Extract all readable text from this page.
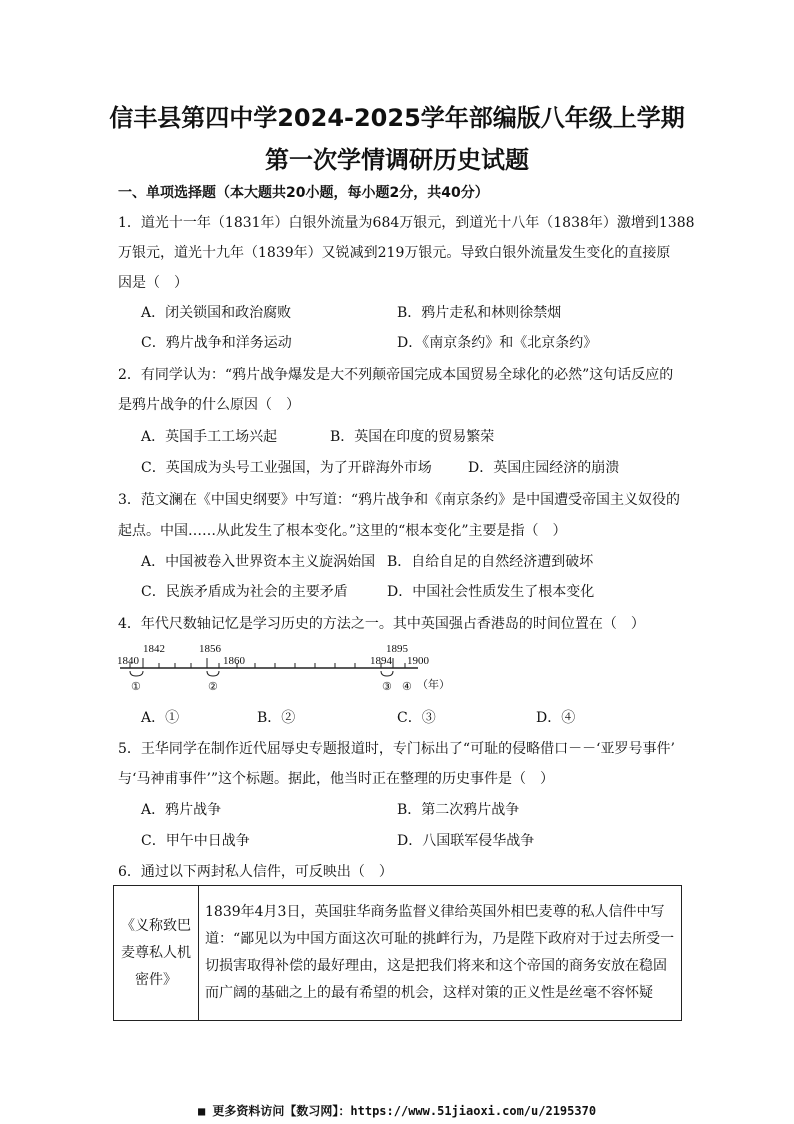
信丰县第四中学2024-2025学年部编版八年级上学期
第一次学情调研历史试题
一、单项选择题（本大题共20小题，每小题2分，共40分）
1．道光十一年（1831年）白银外流量为684万银元，到道光十八年（1838年）激增到1388
万银元，道光十九年（1839年）又锐减到219万银元。导致白银外流量发生变化的直接原
因是（　）
A．闭关锁国和政治腐败	B．鸦片走私和林则徐禁烟
C．鸦片战争和洋务运动	D．《南京条约》和《北京条约》
2．有同学认为：“鸦片战争爆发是大不列颠帝国完成本国贸易全球化的必然”这句话反应的
是鸦片战争的什么原因（　）
A．英国手工工场兴起	B．英国在印度的贸易繁荣
C．英国成为头号工业强国，为了开辟海外市场	D．英国庄园经济的崩溃
3．范文澜在《中国史纲要》中写道：“鸦片战争和《南京条约》是中国遭受帝国主义奴役的
起点。中国……从此发生了根本变化。”这里的“根本变化”主要是指（　）
A．中国被卷入世界资本主义旋涡始国 B．自给自足的自然经济遭到破坏
C．民族矛盾成为社会的主要矛盾	D．中国社会性质发生了根本变化
4．年代尺数轴记忆是学习历史的方法之一。其中英国强占香港岛的时间位置在（　）
1840
1842	1856
1860	1894
1895
1900
①	②	③ ④ （年）
A．①	B．②	C．③	D．④
5．王华同学在制作近代屈辱史专题报道时，专门标出了“可耻的侵略借口－－‘亚罗号事件’
与‘马神甫事件’”这个标题。据此，他当时正在整理的历史事件是（　）
A．鸦片战争	B．第二次鸦片战争
C．甲午中日战争	D．八国联军侵华战争
6．通过以下两封私人信件，可反映出（　）
《义称致巴
麦尊私人机
密件》

1839年4月3日，英国驻华商务监督义律给英国外相巴麦尊的私人信件中写
道：“鄙见以为中国方面这次可耻的挑衅行为，乃是陛下政府对于过去所受一
切损害取得补偿的最好理由，这是把我们将来和这个帝国的商务安放在稳固
而广阔的基础之上的最有希望的机会，这样对策的正义性是丝毫不容怀疑
■ 更多资料访问【数习网】：https://www.51jiaoxi.com/u/2195370
